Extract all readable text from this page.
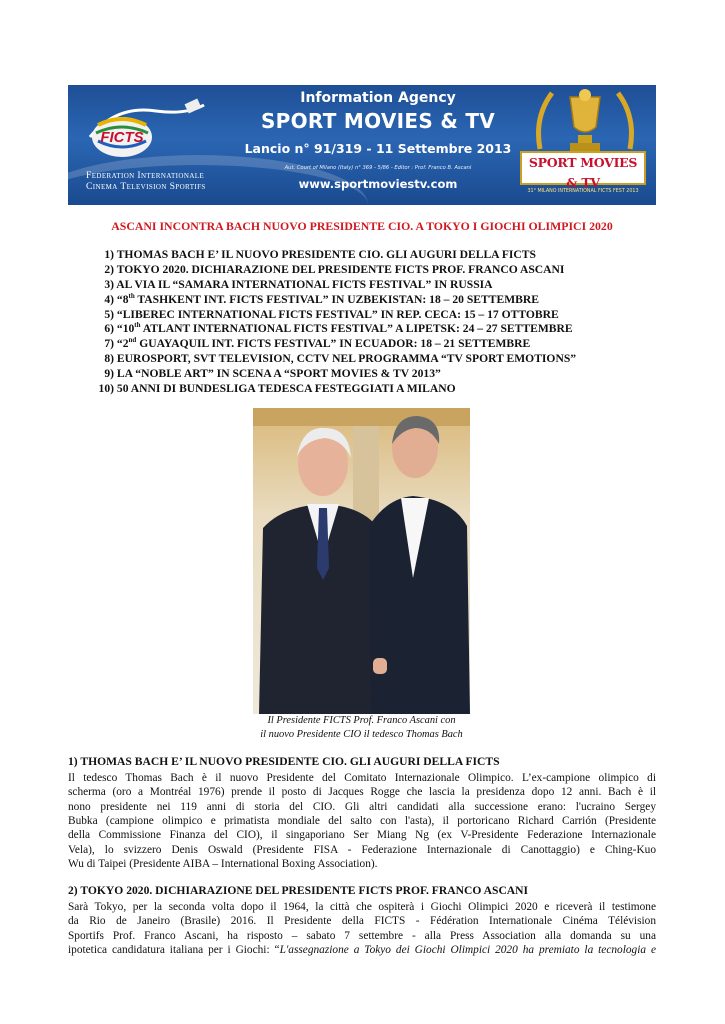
FICTS
Federation Internationale
Cinema Television Sportifs
Information Agency
SPORT MOVIES & TV
Lancio n° 91/319 - 11 Settembre 2013
Aut. Court of Milano (Italy) n° 369 - 5/86 - Editor : Prof. Franco B. Ascani
www.sportmoviestv.com
SPORT MOVIES & TV
31° MILANO INTERNATIONAL FICTS FEST 2013
ASCANI INCONTRA BACH NUOVO PRESIDENTE CIO. A TOKYO I GIOCHI OLIMPICI 2020
1) THOMAS BACH E’ IL NUOVO PRESIDENTE CIO. GLI AUGURI DELLA FICTS
2) TOKYO 2020. DICHIARAZIONE DEL PRESIDENTE FICTS PROF. FRANCO ASCANI
3) AL VIA IL “SAMARA INTERNATIONAL FICTS FESTIVAL” IN RUSSIA
4) “8th TASHKENT INT. FICTS FESTIVAL” IN UZBEKISTAN: 18 – 20 SETTEMBRE
5) “LIBEREC INTERNATIONAL FICTS FESTIVAL” IN REP. CECA: 15 – 17 OTTOBRE
6) “10th ATLANT INTERNATIONAL FICTS FESTIVAL” A LIPETSK: 24 – 27 SETTEMBRE
7) “2nd GUAYAQUIL INT. FICTS FESTIVAL” IN ECUADOR: 18 – 21 SETTEMBRE
8) EUROSPORT, SVT TELEVISION, CCTV NEL PROGRAMMA “TV SPORT EMOTIONS”
9) LA “NOBLE ART” IN SCENA A “SPORT MOVIES & TV 2013”
10) 50 ANNI DI BUNDESLIGA TEDESCA FESTEGGIATI A MILANO
Il Presidente FICTS Prof. Franco Ascani con
il nuovo Presidente CIO il tedesco Thomas Bach
1) THOMAS BACH E’ IL NUOVO PRESIDENTE CIO. GLI AUGURI DELLA FICTS
Il tedesco Thomas Bach è il nuovo Presidente del Comitato Internazionale Olimpico. L’ex-campione olimpico di
scherma (oro a Montréal 1976) prende il posto di Jacques Rogge che lascia la presidenza dopo 12 anni. Bach è il
nono presidente nei 119 anni di storia del CIO. Gli altri candidati alla successione erano: l'ucraino Sergey
Bubka (campione olimpico e primatista mondiale del salto con l'asta), il portoricano Richard Carrión (Presidente
della Commissione Finanza del CIO), il singaporiano Ser Miang Ng (ex V-Presidente Federazione Internazionale
Vela), lo svizzero Denis Oswald (Presidente FISA - Federazione Internazionale di Canottaggio) e Ching-Kuo
Wu di Taipei (Presidente AIBA – International Boxing Association).
2) TOKYO 2020. DICHIARAZIONE DEL PRESIDENTE FICTS PROF. FRANCO ASCANI
Sarà Tokyo, per la seconda volta dopo il 1964, la città che ospiterà i Giochi Olimpici 2020 e riceverà il testimone
da Rio de Janeiro (Brasile) 2016. Il Presidente della FICTS - Fédération Internationale Cinéma Télévision
Sportifs Prof. Franco Ascani, ha risposto – sabato 7 settembre - alla Press Association alla domanda su una
ipotetica candidatura italiana per i Giochi: “L'assegnazione a Tokyo dei Giochi Olimpici 2020 ha premiato la tecnologia e
